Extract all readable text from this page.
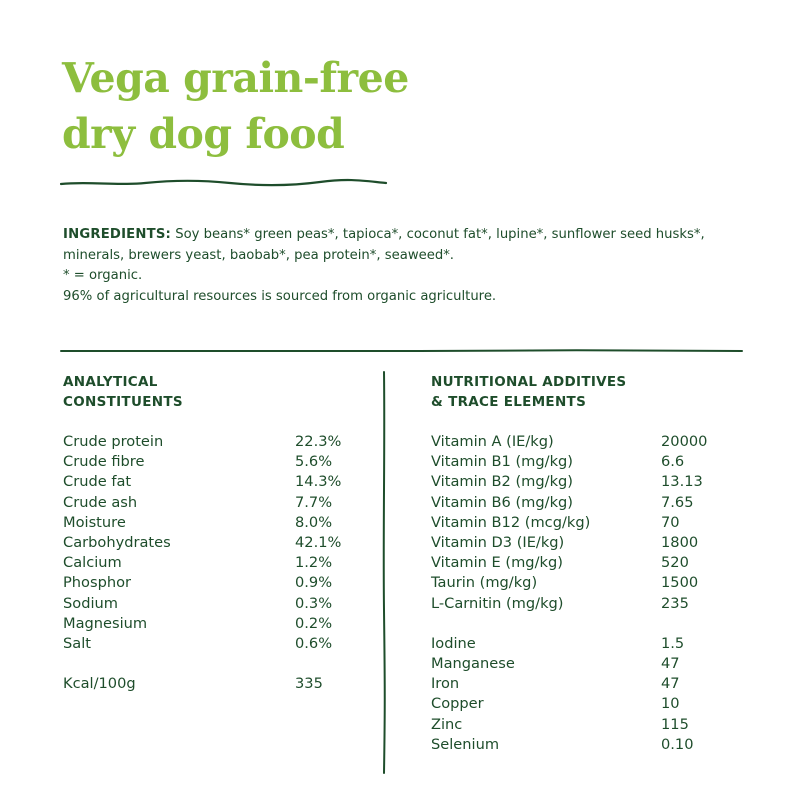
Vega grain-free
dry dog food

INGREDIENTS: Soy beans* green peas*, tapioca*, coconut fat*, lupine*, sunflower seed husks*, minerals, brewers yeast, baobab*, pea protein*, seaweed*.

* = organic.

96% of agricultural resources is sourced from organic agriculture.

ANALYTICAL
CONSTITUENTS
NUTRITIONAL ADDITIVES
& TRACE ELEMENTS
Crude protein	22.3%
Crude fibre	5.6%
Crude fat	14.3%
Crude ash	7.7%
Moisture	8.0%
Carbohydrates	42.1%
Calcium	1.2%
Phosphor	0.9%
Sodium	0.3%
Magnesium	0.2%
Salt	0.6%
Kcal/100g	335
Vitamin A (IE/kg)	20000
Vitamin B1 (mg/kg)	6.6
Vitamin B2 (mg/kg)	13.13
Vitamin B6 (mg/kg)	7.65
Vitamin B12 (mcg/kg)	70
Vitamin D3 (IE/kg)	1800
Vitamin E (mg/kg)	520
Taurin (mg/kg)	1500
L-Carnitin (mg/kg)	235
Iodine	1.5
Manganese	47
Iron	47
Copper	10
Zinc	115
Selenium	0.10
